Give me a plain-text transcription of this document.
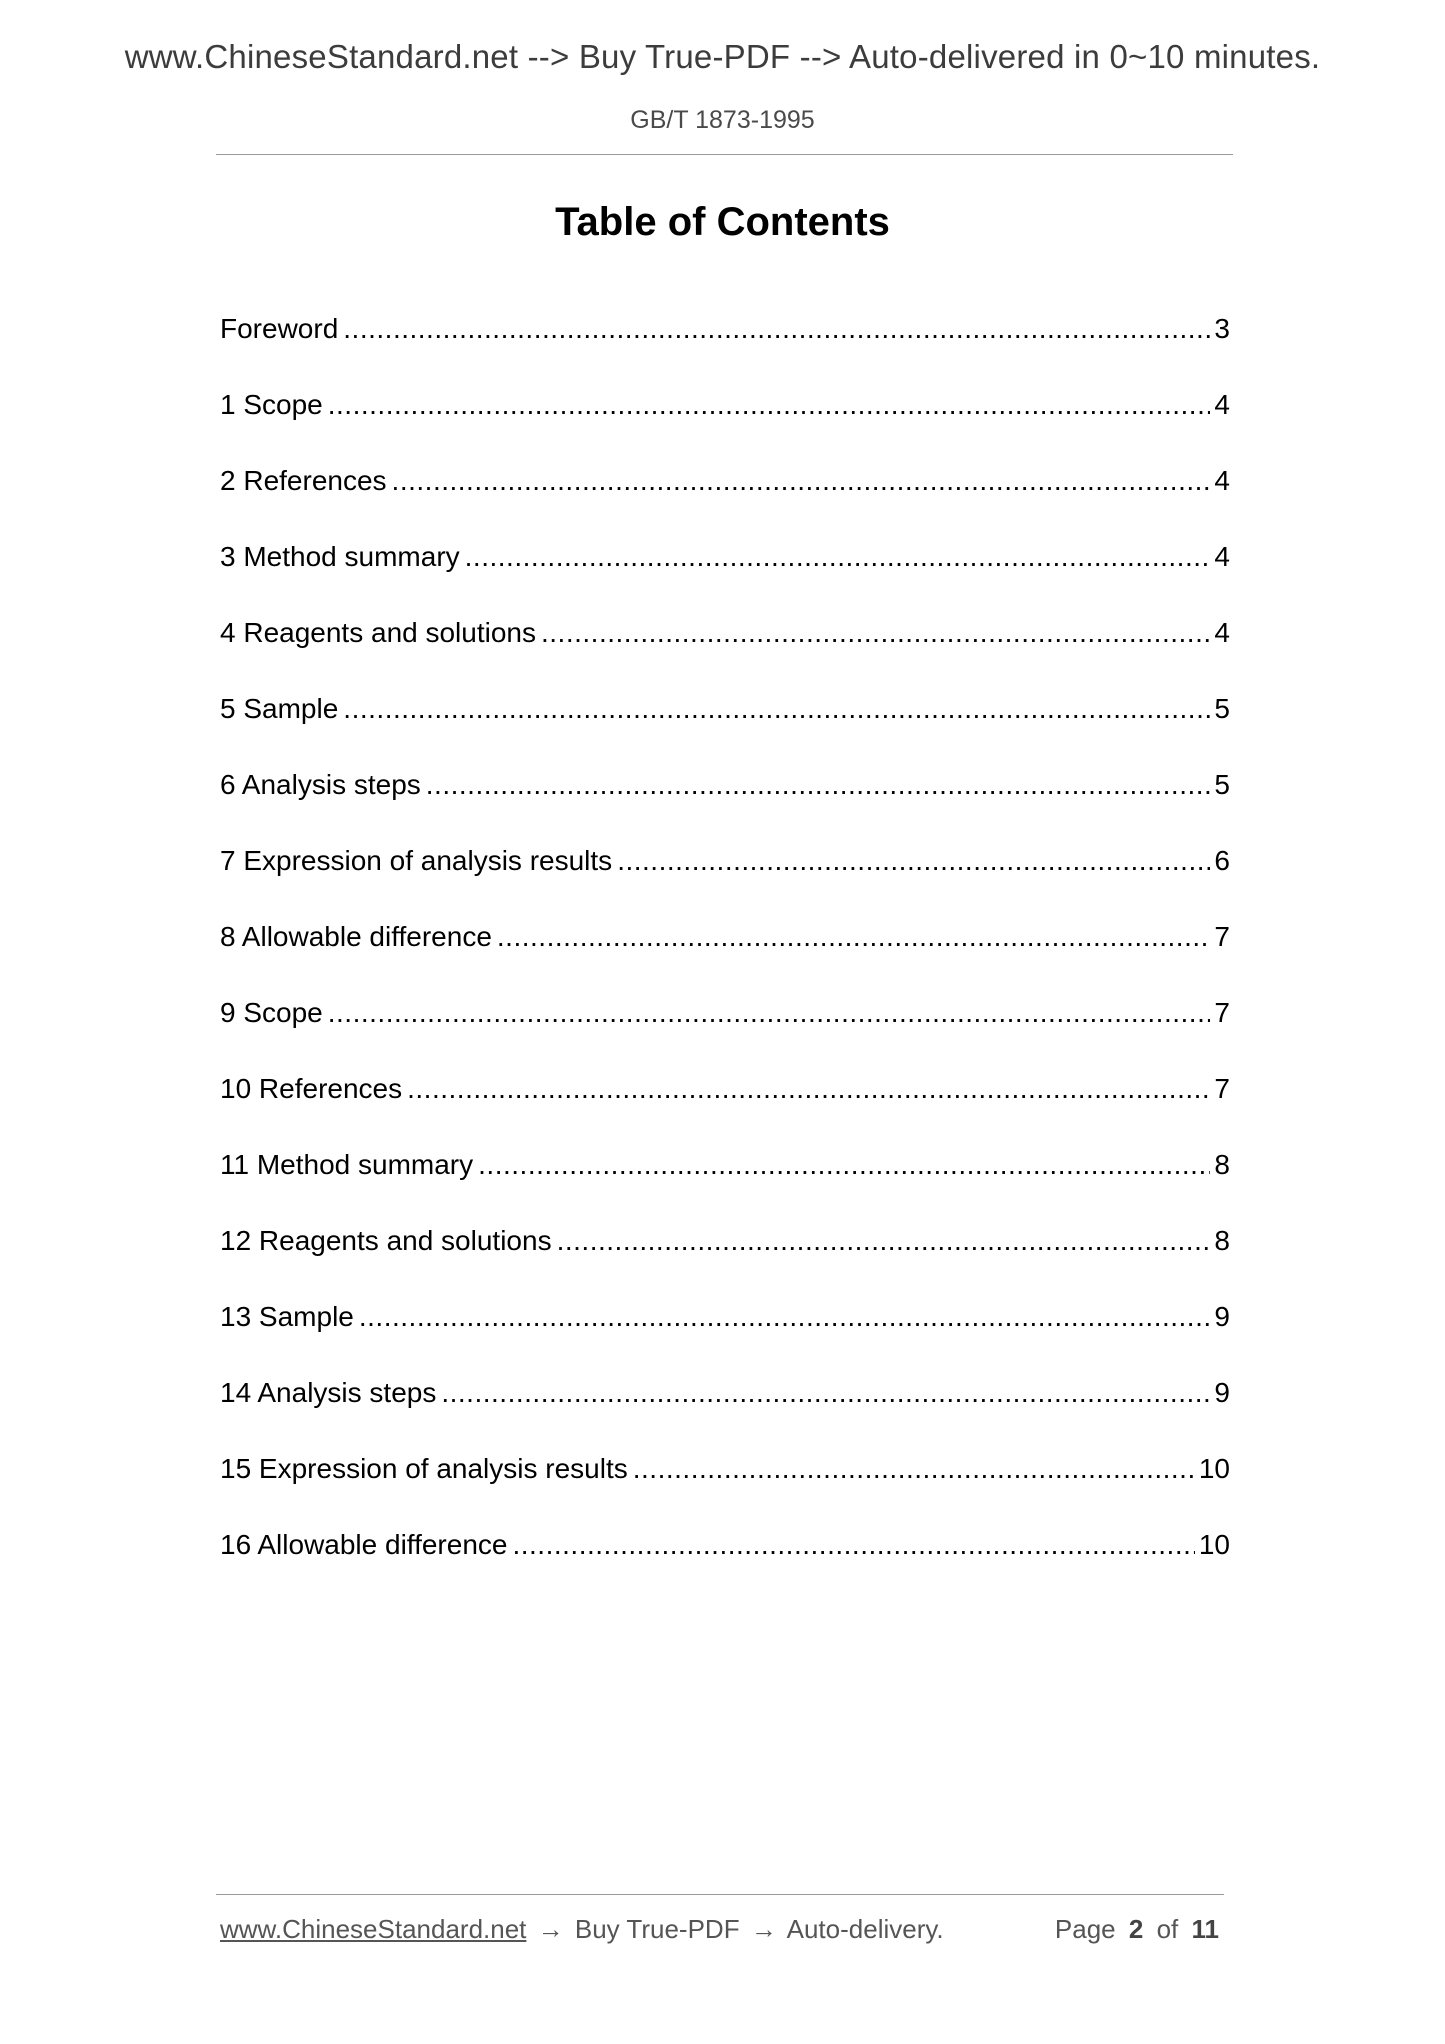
www.ChineseStandard.net --> Buy True-PDF --> Auto-delivered in 0~10 minutes.
GB/T 1873-1995
Table of Contents
Foreword .....	3
1 Scope .....	4
2 References .....	4
3 Method summary .....	4
4 Reagents and solutions .....	4
5 Sample .....	5
6 Analysis steps .....	5
7 Expression of analysis results .....	6
8 Allowable difference .....	7
9 Scope .....	7
10 References .....	7
11 Method summary .....	8
12 Reagents and solutions .....	8
13 Sample .....	9
14 Analysis steps .....	9
15 Expression of analysis results .....	10
16 Allowable difference .....	10
www.ChineseStandard.net → Buy True-PDF → Auto-delivery.	Page 2 of 11
